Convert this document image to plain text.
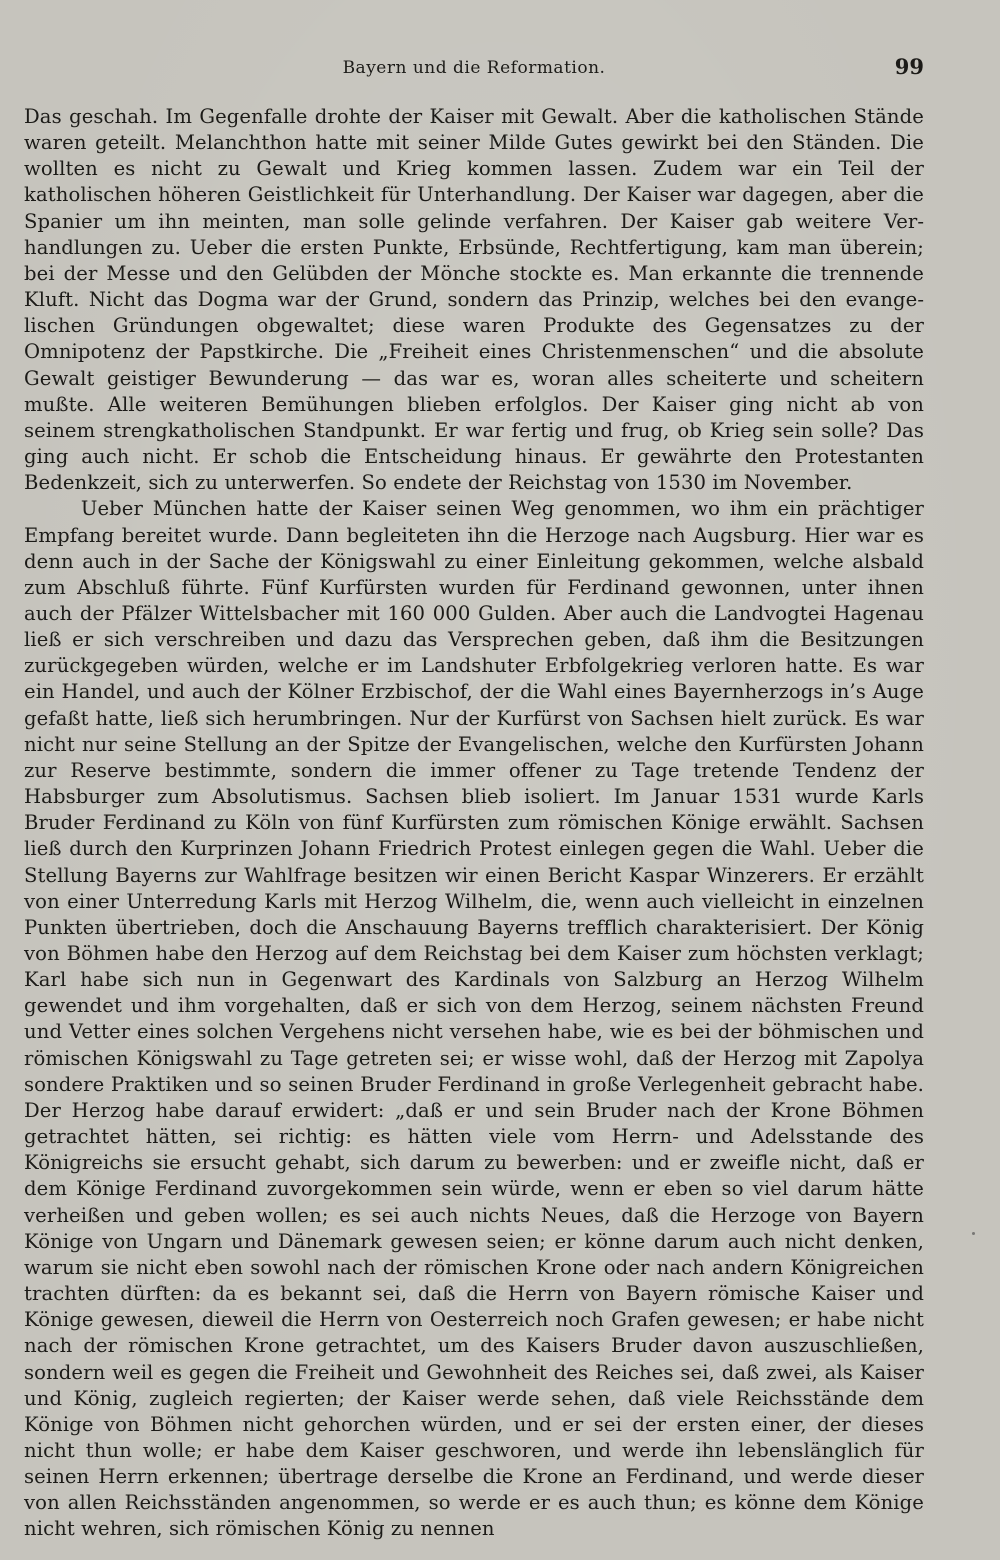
Bayern und die Reformation.	99

Das geschah. Im Gegenfalle drohte der Kaiser mit Gewalt. Aber die katholischen Stände waren geteilt. Melanchthon hatte mit seiner Milde Gutes gewirkt bei den Ständen. Die wollten es nicht zu Gewalt und Krieg kommen lassen. Zudem war ein Teil der katholischen höheren Geistlichkeit für Unterhandlung. Der Kaiser war dagegen, aber die Spanier um ihn meinten, man solle gelinde verfahren. Der Kaiser gab weitere Verhandlungen zu. Ueber die ersten Punkte, Erbsünde, Rechtfertigung, kam man überein; bei der Messe und den Gelübden der Mönche stockte es. Man erkannte die trennende Kluft. Nicht das Dogma war der Grund, sondern das Prinzip, welches bei den evangelischen Gründungen obgewaltet; diese waren Produkte des Gegensatzes zu der Omnipotenz der Papstkirche. Die „Freiheit eines Christenmenschen“ und die absolute Gewalt geistiger Bewunderung — das war es, woran alles scheiterte und scheitern mußte. Alle weiteren Bemühungen blieben erfolglos. Der Kaiser ging nicht ab von seinem strengkatholischen Standpunkt. Er war fertig und frug, ob Krieg sein solle? Das ging auch nicht. Er schob die Entscheidung hinaus. Er gewährte den Protestanten Bedenkzeit, sich zu unterwerfen. So endete der Reichstag von 1530 im November.

Ueber München hatte der Kaiser seinen Weg genommen, wo ihm ein prächtiger Empfang bereitet wurde. Dann begleiteten ihn die Herzoge nach Augsburg. Hier war es denn auch in der Sache der Königswahl zu einer Einleitung gekommen, welche alsbald zum Abschluß führte. Fünf Kurfürsten wurden für Ferdinand gewonnen, unter ihnen auch der Pfälzer Wittelsbacher mit 160 000 Gulden. Aber auch die Landvogtei Hagenau ließ er sich verschreiben und dazu das Versprechen geben, daß ihm die Besitzungen zurückgegeben würden, welche er im Landshuter Erbfolgekrieg verloren hatte. Es war ein Handel, und auch der Kölner Erzbischof, der die Wahl eines Bayernherzogs in’s Auge gefaßt hatte, ließ sich herumbringen. Nur der Kurfürst von Sachsen hielt zurück. Es war nicht nur seine Stellung an der Spitze der Evangelischen, welche den Kurfürsten Johann zur Reserve bestimmte, sondern die immer offener zu Tage tretende Tendenz der Habsburger zum Absolutismus. Sachsen blieb isoliert. Im Januar 1531 wurde Karls Bruder Ferdinand zu Köln von fünf Kurfürsten zum römischen Könige erwählt. Sachsen ließ durch den Kurprinzen Johann Friedrich Protest einlegen gegen die Wahl. Ueber die Stellung Bayerns zur Wahlfrage besitzen wir einen Bericht Kaspar Winzerers. Er erzählt von einer Unterredung Karls mit Herzog Wilhelm, die, wenn auch vielleicht in einzelnen Punkten übertrieben, doch die Anschauung Bayerns trefflich charakterisiert. Der König von Böhmen habe den Herzog auf dem Reichstag bei dem Kaiser zum höchsten verklagt; Karl habe sich nun in Gegenwart des Kardinals von Salzburg an Herzog Wilhelm gewendet und ihm vorgehalten, daß er sich von dem Herzog, seinem nächsten Freund und Vetter eines solchen Vergehens nicht versehen habe, wie es bei der böhmischen und römischen Königswahl zu Tage getreten sei; er wisse wohl, daß der Herzog mit Zapolya sondere Praktiken und so seinen Bruder Ferdinand in große Verlegenheit gebracht habe. Der Herzog habe darauf erwidert: „daß er und sein Bruder nach der Krone Böhmen getrachtet hätten, sei richtig: es hätten viele vom Herrn- und Adelsstande des Königreichs sie ersucht gehabt, sich darum zu bewerben: und er zweifle nicht, daß er dem Könige Ferdinand zuvorgekommen sein würde, wenn er eben so viel darum hätte verheißen und geben wollen; es sei auch nichts Neues, daß die Herzoge von Bayern Könige von Ungarn und Dänemark gewesen seien; er könne darum auch nicht denken, warum sie nicht eben sowohl nach der römischen Krone oder nach andern Königreichen trachten dürften: da es bekannt sei, daß die Herrn von Bayern römische Kaiser und Könige gewesen, dieweil die Herrn von Oesterreich noch Grafen gewesen; er habe nicht nach der römischen Krone getrachtet, um des Kaisers Bruder davon auszuschließen, sondern weil es gegen die Freiheit und Gewohnheit des Reiches sei, daß zwei, als Kaiser und König, zugleich regierten; der Kaiser werde sehen, daß viele Reichsstände dem Könige von Böhmen nicht gehorchen würden, und er sei der ersten einer, der dieses nicht thun wolle; er habe dem Kaiser geschworen, und werde ihn lebenslänglich für seinen Herrn erkennen; übertrage derselbe die Krone an Ferdinand, und werde dieser von allen Reichsständen angenommen, so werde er es auch thun; es könne dem Könige nicht wehren, sich römischen König zu nennen
